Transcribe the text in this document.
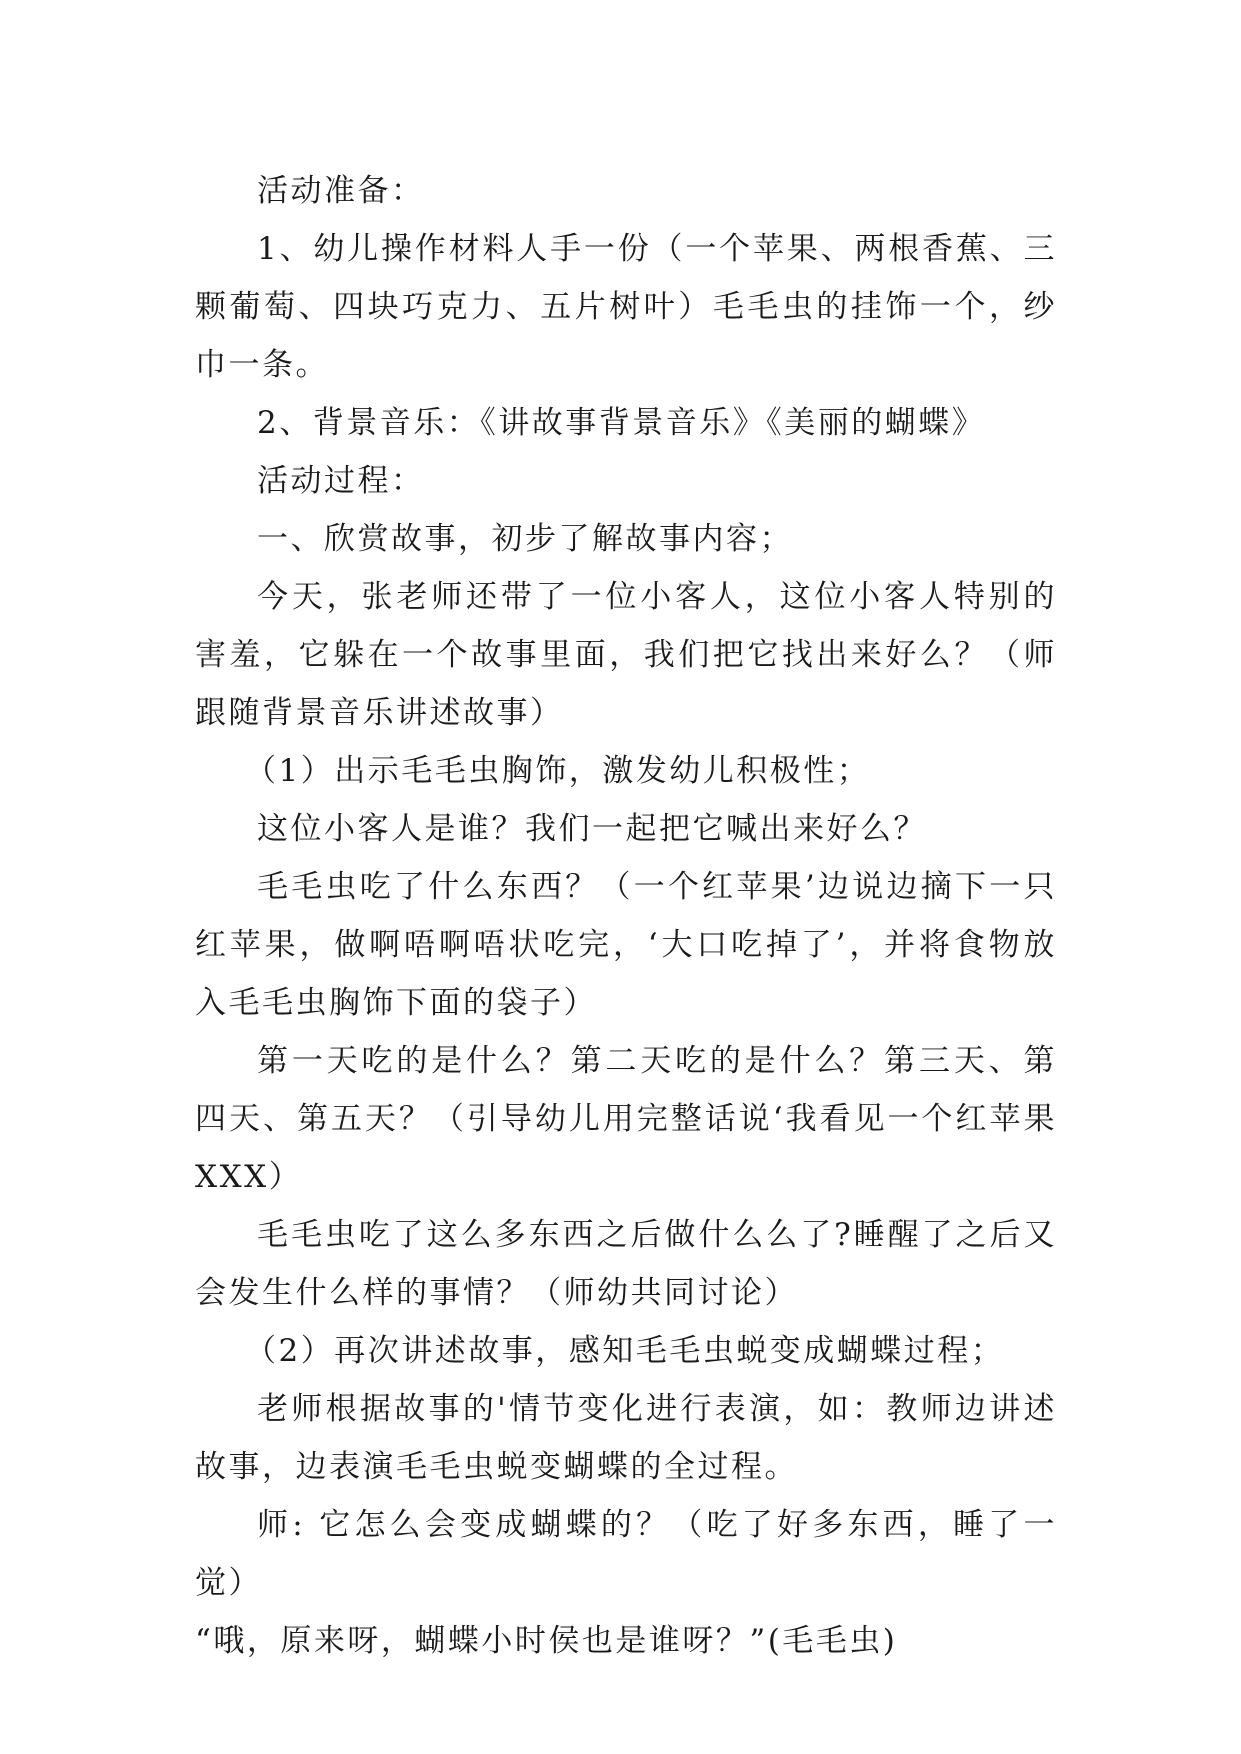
活动准备：

1、幼儿操作材料人手一份（一个苹果、两根香蕉、三颗葡萄、四块巧克力、五片树叶）毛毛虫的挂饰一个，纱巾一条。

2、背景音乐：《讲故事背景音乐》《美丽的蝴蝶》

活动过程：

一、欣赏故事，初步了解故事内容；

今天，张老师还带了一位小客人，这位小客人特别的害羞，它躲在一个故事里面，我们把它找出来好么？（师跟随背景音乐讲述故事）

（1）出示毛毛虫胸饰，激发幼儿积极性；

这位小客人是谁？我们一起把它喊出来好么？

毛毛虫吃了什么东西？（一个红苹果’边说边摘下一只红苹果，做啊唔啊唔状吃完，‘大口吃掉了’，并将食物放入毛毛虫胸饰下面的袋子）

第一天吃的是什么？第二天吃的是什么？第三天、第四天、第五天？（引导幼儿用完整话说‘我看见一个红苹果XXX）

毛毛虫吃了这么多东西之后做什么么了?睡醒了之后又会发生什么样的事情？（师幼共同讨论）

（2）再次讲述故事，感知毛毛虫蜕变成蝴蝶过程；

老师根据故事的'情节变化进行表演，如：教师边讲述故事，边表演毛毛虫蜕变蝴蝶的全过程。

师: 它怎么会变成蝴蝶的？（吃了好多东西，睡了一觉）

“哦，原来呀，蝴蝶小时侯也是谁呀？”(毛毛虫)
